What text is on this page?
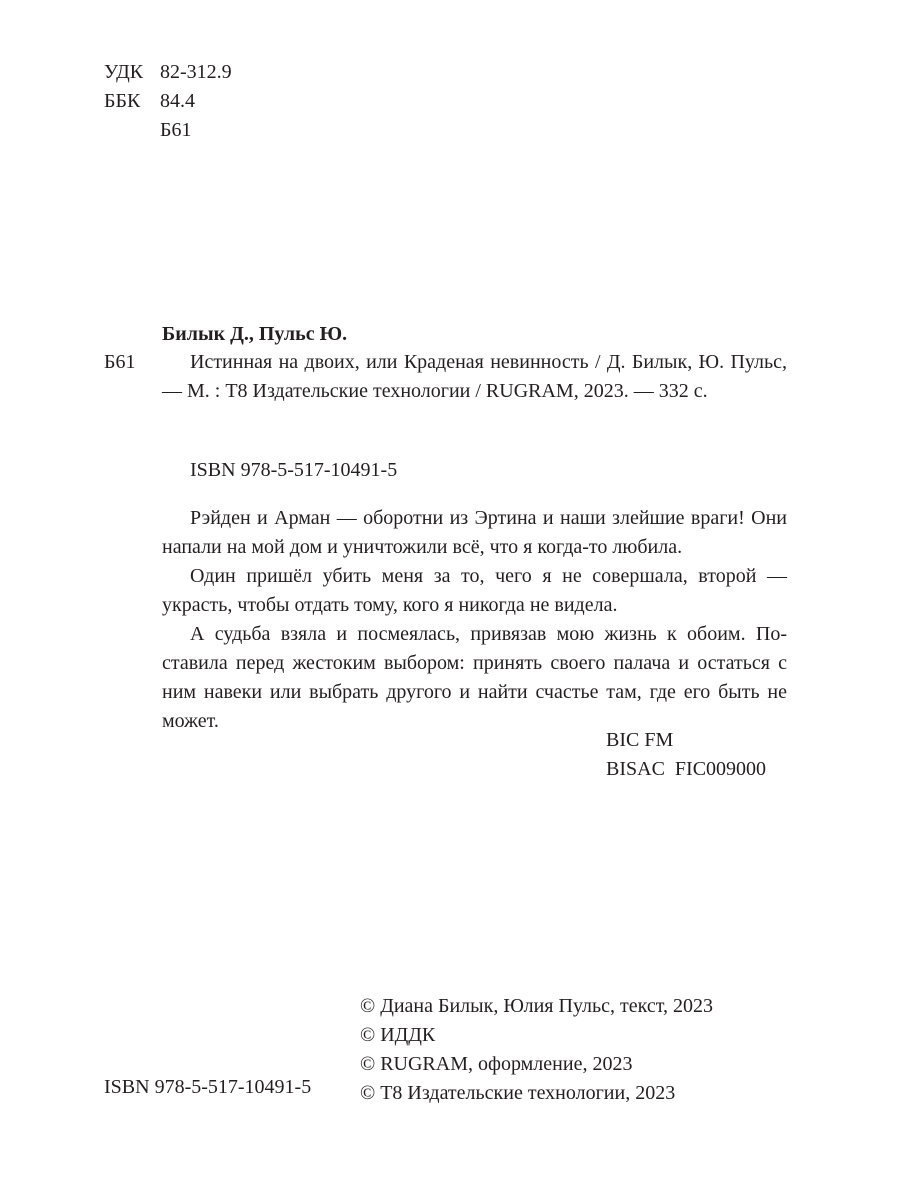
УДК 82-312.9
ББК 84.4
Б61
Билык Д., Пульс Ю.
Б61	Истинная на двоих, или Краденая невинность / Д. Билык, Ю. Пульс, — М. : Т8 Издательские технологии / RUGRAM, 2023. — 332 с.
ISBN 978-5-517-10491-5

Рэйден и Арман — оборотни из Эртина и наши злейшие враги! Они напали на мой дом и уничтожили всё, что я когда-то любила.

Один пришёл убить меня за то, чего я не совершала, второй — украсть, чтобы отдать тому, кого я никогда не видела.

А судьба взяла и посмеялась, привязав мою жизнь к обоим. Поставила перед жестоким выбором: принять своего палача и остаться с ним навеки или выбрать другого и найти счастье там, где его быть не может.

BIC FM
BISAC  FIC009000
© Диана Билык, Юлия Пульс, текст, 2023
© ИДДК
© RUGRAM, оформление, 2023
© Т8 Издательские технологии, 2023
ISBN 978-5-517-10491-5
